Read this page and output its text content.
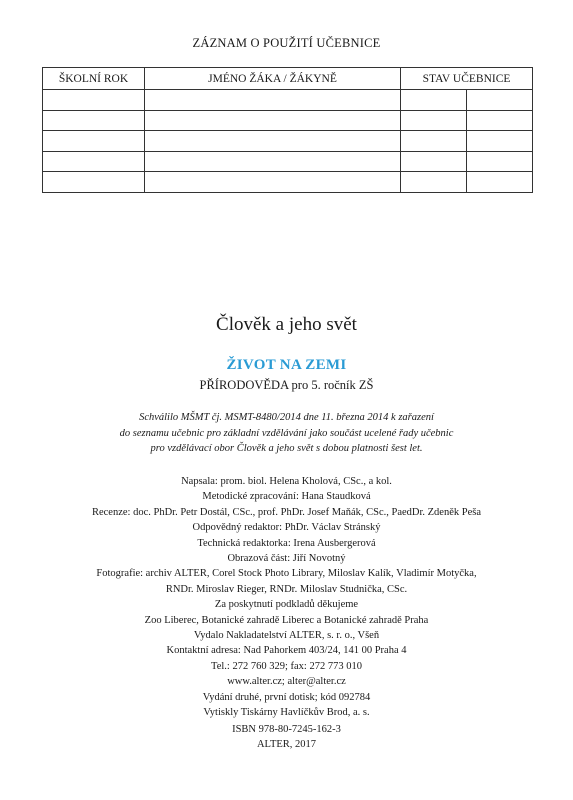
ZÁZNAM O POUŽITÍ UČEBNICE
ŠKOLNÍ ROK	JMÉNO ŽÁKA / ŽÁKYNĚ	STAV UČEBNICE	

Člověk a jeho svět
ŽIVOT NA ZEMI
PŘÍRODOVĚDA pro 5. ročník ZŠ
Schválilo MŠMT čj. MSMT-8480/2014 dne 11. března 2014 k zařazení
do seznamu učebnic pro základní vzdělávání jako součást ucelené řady učebnic
pro vzdělávací obor Člověk a jeho svět s dobou platnosti šest let.
Napsala: prom. biol. Helena Kholová, CSc., a kol.
Metodické zpracování: Hana Staudková
Recenze: doc. PhDr. Petr Dostál, CSc., prof. PhDr. Josef Maňák, CSc., PaedDr. Zdeněk Peša
Odpovědný redaktor: PhDr. Václav Stránský
Technická redaktorka: Irena Ausbergerová
Obrazová část: Jiří Novotný
Fotografie: archiv ALTER, Corel Stock Photo Library, Miloslav Kalík, Vladimír Motyčka,
RNDr. Miroslav Rieger, RNDr. Miloslav Studnička, CSc.
Za poskytnutí podkladů děkujeme
Zoo Liberec, Botanické zahradě Liberec a Botanické zahradě Praha
Vydalo Nakladatelství ALTER, s. r. o., Všeň
Kontaktní adresa: Nad Pahorkem 403/24, 141 00 Praha 4
Tel.: 272 760 329; fax: 272 773 010
www.alter.cz; alter@alter.cz
Vydání druhé, první dotisk; kód 092784
Vytiskly Tiskárny Havlíčkův Brod, a. s.
ISBN 978-80-7245-162-3
ALTER, 2017
